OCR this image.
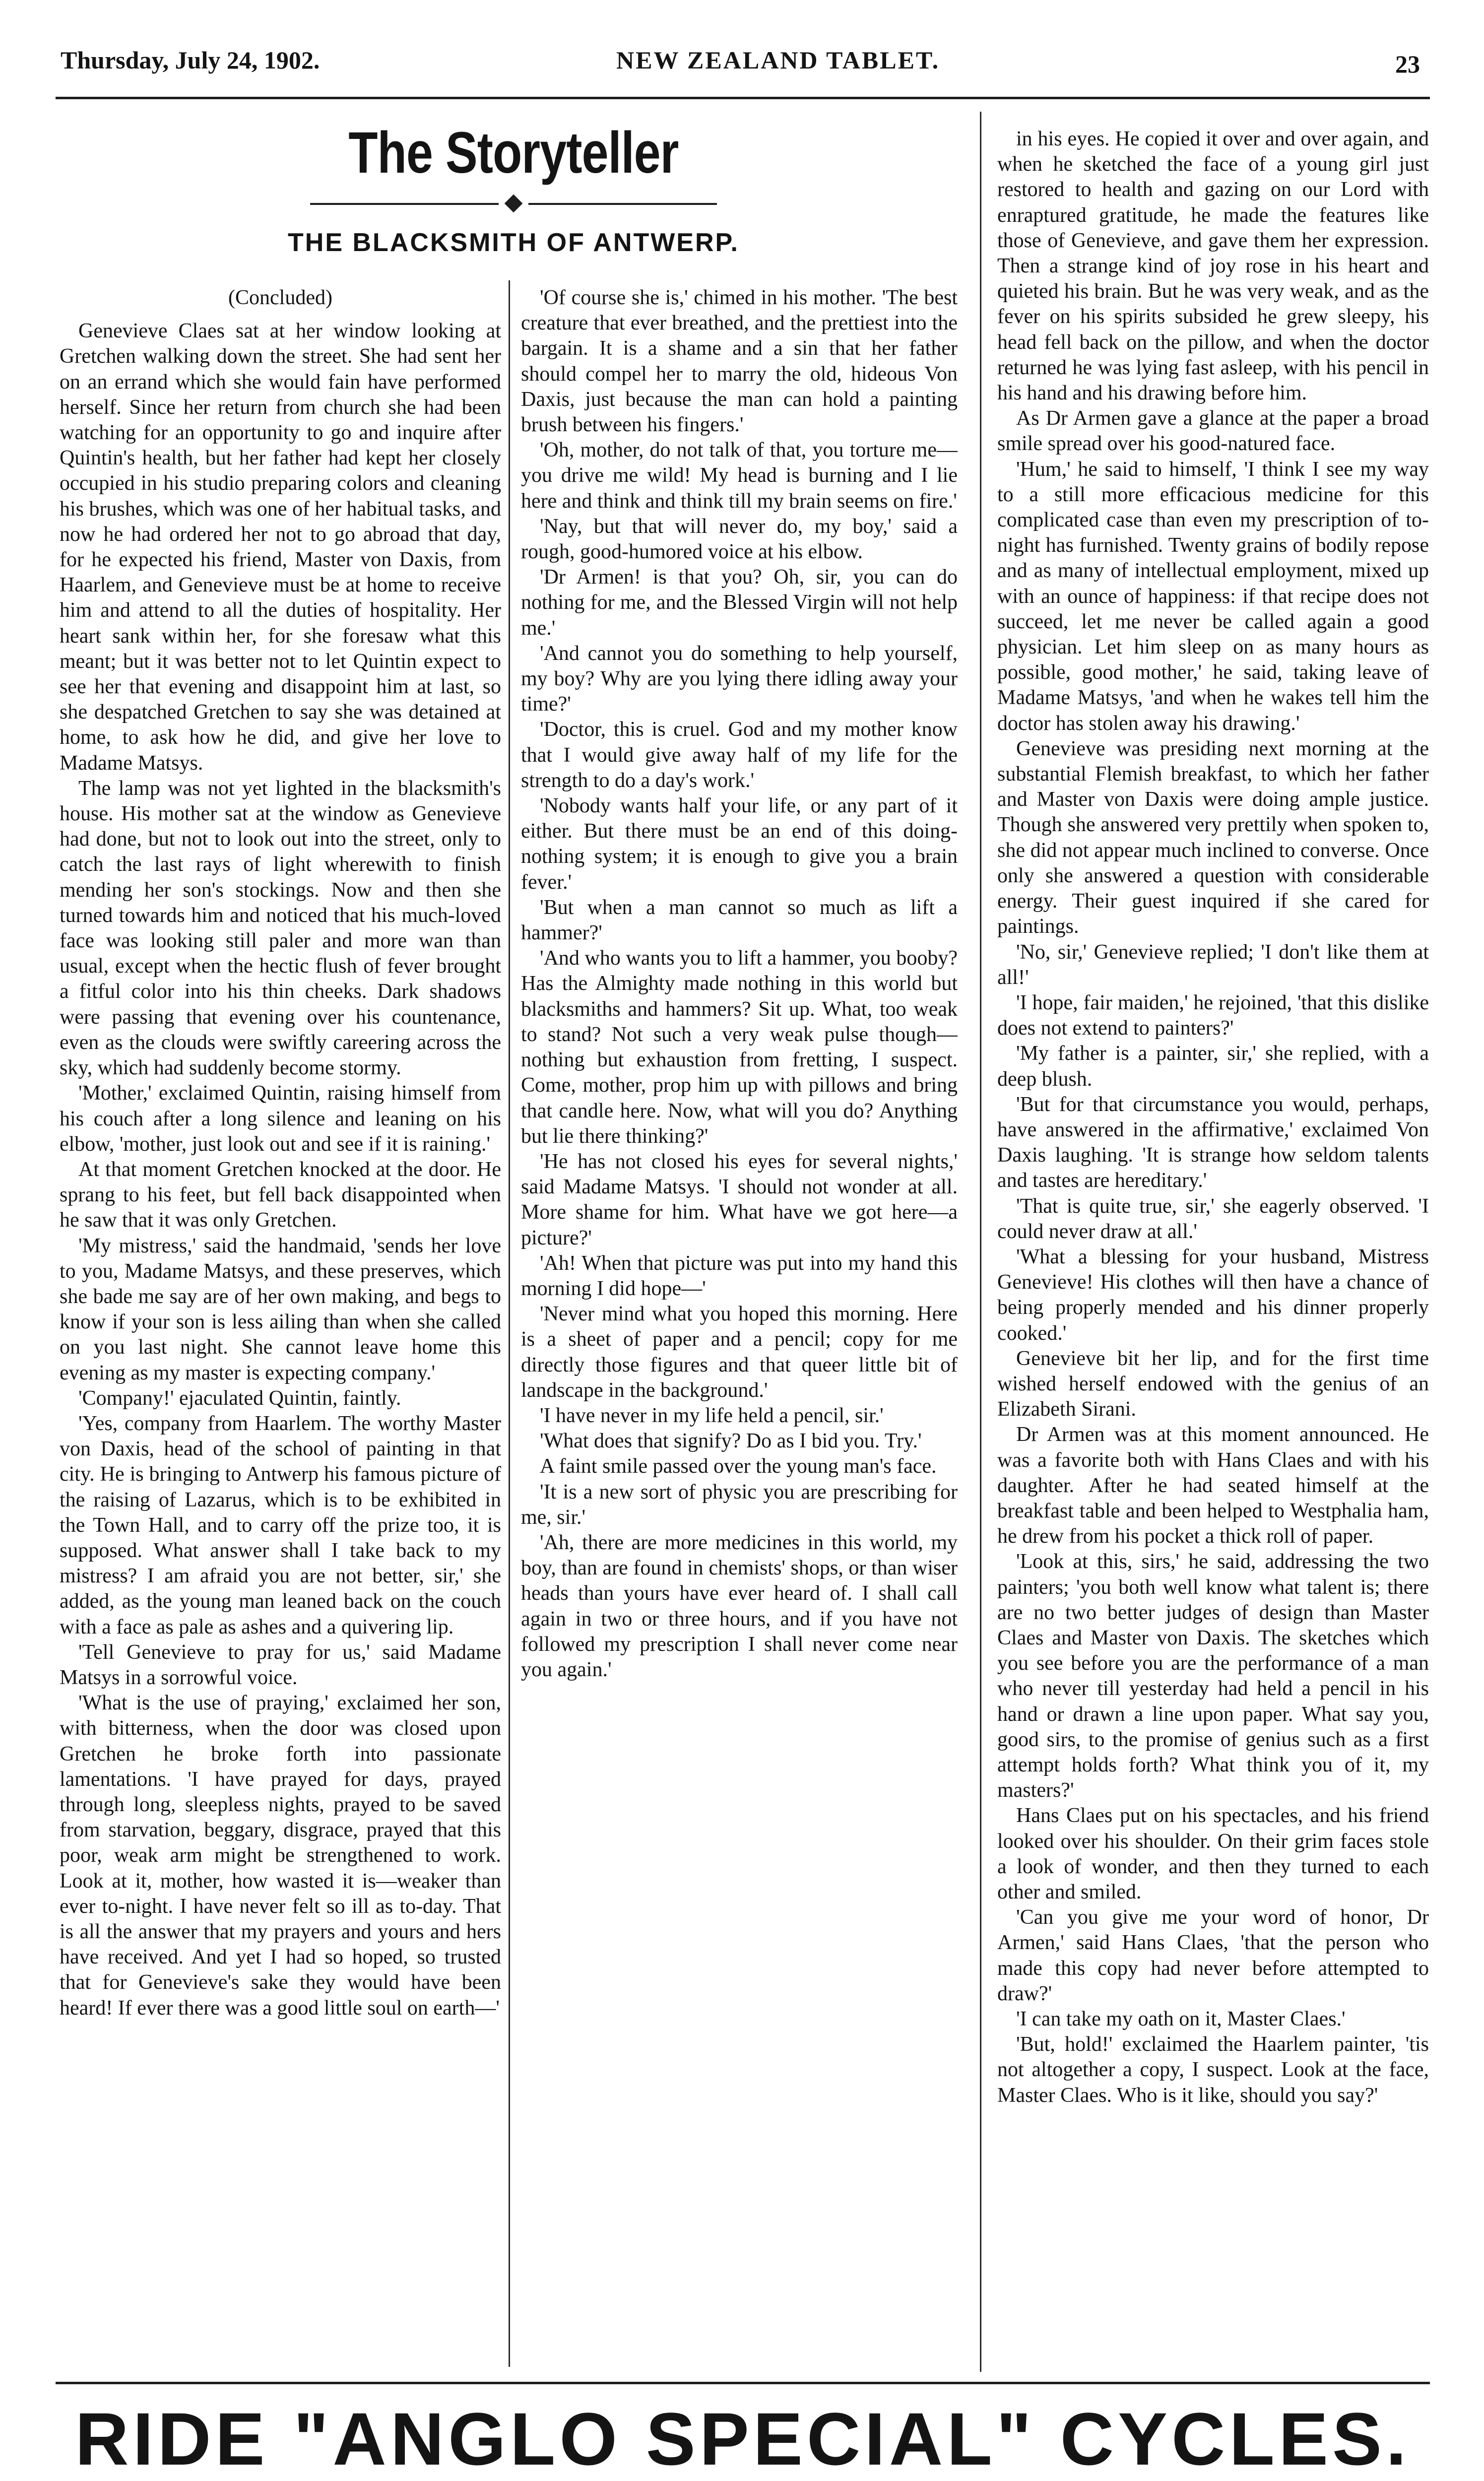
Thursday, July 24, 1902.	NEW ZEALAND TABLET.	23
The Storyteller
THE BLACKSMITH OF ANTWERP.

(Concluded)

Genevieve Claes sat at her window looking at Gretchen walking down the street. She had sent her on an errand which she would fain have performed herself. Since her return from church she had been watching for an opportunity to go and inquire after Quintin's health, but her father had kept her closely occupied in his studio preparing colors and cleaning his brushes, which was one of her habitual tasks, and now he had ordered her not to go abroad that day, for he expected his friend, Master von Daxis, from Haarlem, and Genevieve must be at home to receive him and attend to all the duties of hospitality. Her heart sank within her, for she foresaw what this meant; but it was better not to let Quintin expect to see her that evening and disappoint him at last, so she despatched Gretchen to say she was detained at home, to ask how he did, and give her love to Madame Matsys.

The lamp was not yet lighted in the blacksmith's house. His mother sat at the window as Genevieve had done, but not to look out into the street, only to catch the last rays of light wherewith to finish mending her son's stockings. Now and then she turned towards him and noticed that his much-loved face was looking still paler and more wan than usual, except when the hectic flush of fever brought a fitful color into his thin cheeks. Dark shadows were passing that evening over his countenance, even as the clouds were swiftly careering across the sky, which had suddenly become stormy.

'Mother,' exclaimed Quintin, raising himself from his couch after a long silence and leaning on his elbow, 'mother, just look out and see if it is raining.'

At that moment Gretchen knocked at the door. He sprang to his feet, but fell back disappointed when he saw that it was only Gretchen.

'My mistress,' said the handmaid, 'sends her love to you, Madame Matsys, and these preserves, which she bade me say are of her own making, and begs to know if your son is less ailing than when she called on you last night. She cannot leave home this evening as my master is expecting company.'

'Company!' ejaculated Quintin, faintly.

'Yes, company from Haarlem. The worthy Master von Daxis, head of the school of painting in that city. He is bringing to Antwerp his famous picture of the raising of Lazarus, which is to be exhibited in the Town Hall, and to carry off the prize too, it is supposed. What answer shall I take back to my mistress? I am afraid you are not better, sir,' she added, as the young man leaned back on the couch with a face as pale as ashes and a quivering lip.

'Tell Genevieve to pray for us,' said Madame Matsys in a sorrowful voice.

'What is the use of praying,' exclaimed her son, with bitterness, when the door was closed upon Gretchen he broke forth into passionate lamentations. 'I have prayed for days, prayed through long, sleepless nights, prayed to be saved from starvation, beggary, disgrace, prayed that this poor, weak arm might be strengthened to work. Look at it, mother, how wasted it is—weaker than ever to-night. I have never felt so ill as to-day. That is all the answer that my prayers and yours and hers have received. And yet I had so hoped, so trusted that for Genevieve's sake they would have been heard! If ever there was a good little soul on earth—'

'Of course she is,' chimed in his mother. 'The best creature that ever breathed, and the prettiest into the bargain. It is a shame and a sin that her father should compel her to marry the old, hideous Von Daxis, just because the man can hold a painting brush between his fingers.'

'Oh, mother, do not talk of that, you torture me—you drive me wild! My head is burning and I lie here and think and think till my brain seems on fire.'

'Nay, but that will never do, my boy,' said a rough, good-humored voice at his elbow.

'Dr Armen! is that you? Oh, sir, you can do nothing for me, and the Blessed Virgin will not help me.'

'And cannot you do something to help yourself, my boy? Why are you lying there idling away your time?'

'Doctor, this is cruel. God and my mother know that I would give away half of my life for the strength to do a day's work.'

'Nobody wants half your life, or any part of it either. But there must be an end of this doing-nothing system; it is enough to give you a brain fever.'

'But when a man cannot so much as lift a hammer?'

'And who wants you to lift a hammer, you booby? Has the Almighty made nothing in this world but blacksmiths and hammers? Sit up. What, too weak to stand? Not such a very weak pulse though—nothing but exhaustion from fretting, I suspect. Come, mother, prop him up with pillows and bring that candle here. Now, what will you do? Anything but lie there thinking?'

'He has not closed his eyes for several nights,' said Madame Matsys. 'I should not wonder at all. More shame for him. What have we got here—a picture?'

'Ah! When that picture was put into my hand this morning I did hope—'

'Never mind what you hoped this morning. Here is a sheet of paper and a pencil; copy for me directly those figures and that queer little bit of landscape in the background.'

'I have never in my life held a pencil, sir.'

'What does that signify? Do as I bid you. Try.'

A faint smile passed over the young man's face.

'It is a new sort of physic you are prescribing for me, sir.'

'Ah, there are more medicines in this world, my boy, than are found in chemists' shops, or than wiser heads than yours have ever heard of. I shall call again in two or three hours, and if you have not followed my prescription I shall never come near you again.'

in his eyes. He copied it over and over again, and when he sketched the face of a young girl just restored to health and gazing on our Lord with enraptured gratitude, he made the features like those of Genevieve, and gave them her expression. Then a strange kind of joy rose in his heart and quieted his brain. But he was very weak, and as the fever on his spirits subsided he grew sleepy, his head fell back on the pillow, and when the doctor returned he was lying fast asleep, with his pencil in his hand and his drawing before him.

As Dr Armen gave a glance at the paper a broad smile spread over his good-natured face.

'Hum,' he said to himself, 'I think I see my way to a still more efficacious medicine for this complicated case than even my prescription of to-night has furnished. Twenty grains of bodily repose and as many of intellectual employment, mixed up with an ounce of happiness: if that recipe does not succeed, let me never be called again a good physician. Let him sleep on as many hours as possible, good mother,' he said, taking leave of Madame Matsys, 'and when he wakes tell him the doctor has stolen away his drawing.'

Genevieve was presiding next morning at the substantial Flemish breakfast, to which her father and Master von Daxis were doing ample justice. Though she answered very prettily when spoken to, she did not appear much inclined to converse. Once only she answered a question with considerable energy. Their guest inquired if she cared for paintings.

'No, sir,' Genevieve replied; 'I don't like them at all!'

'I hope, fair maiden,' he rejoined, 'that this dislike does not extend to painters?'

'My father is a painter, sir,' she replied, with a deep blush.

'But for that circumstance you would, perhaps, have answered in the affirmative,' exclaimed Von Daxis laughing. 'It is strange how seldom talents and tastes are hereditary.'

'That is quite true, sir,' she eagerly observed. 'I could never draw at all.'

'What a blessing for your husband, Mistress Genevieve! His clothes will then have a chance of being properly mended and his dinner properly cooked.'

Genevieve bit her lip, and for the first time wished herself endowed with the genius of an Elizabeth Sirani.

Dr Armen was at this moment announced. He was a favorite both with Hans Claes and with his daughter. After he had seated himself at the breakfast table and been helped to Westphalia ham, he drew from his pocket a thick roll of paper.

'Look at this, sirs,' he said, addressing the two painters; 'you both well know what talent is; there are no two better judges of design than Master Claes and Master von Daxis. The sketches which you see before you are the performance of a man who never till yesterday had held a pencil in his hand or drawn a line upon paper. What say you, good sirs, to the promise of genius such as a first attempt holds forth? What think you of it, my masters?'

Hans Claes put on his spectacles, and his friend looked over his shoulder. On their grim faces stole a look of wonder, and then they turned to each other and smiled.

'Can you give me your word of honor, Dr Armen,' said Hans Claes, 'that the person who made this copy had never before attempted to draw?'

'I can take my oath on it, Master Claes.'

'But, hold!' exclaimed the Haarlem painter, 'tis not altogether a copy, I suspect. Look at the face, Master Claes. Who is it like, should you say?'

RIDE "ANGLO SPECIAL" CYCLES.
